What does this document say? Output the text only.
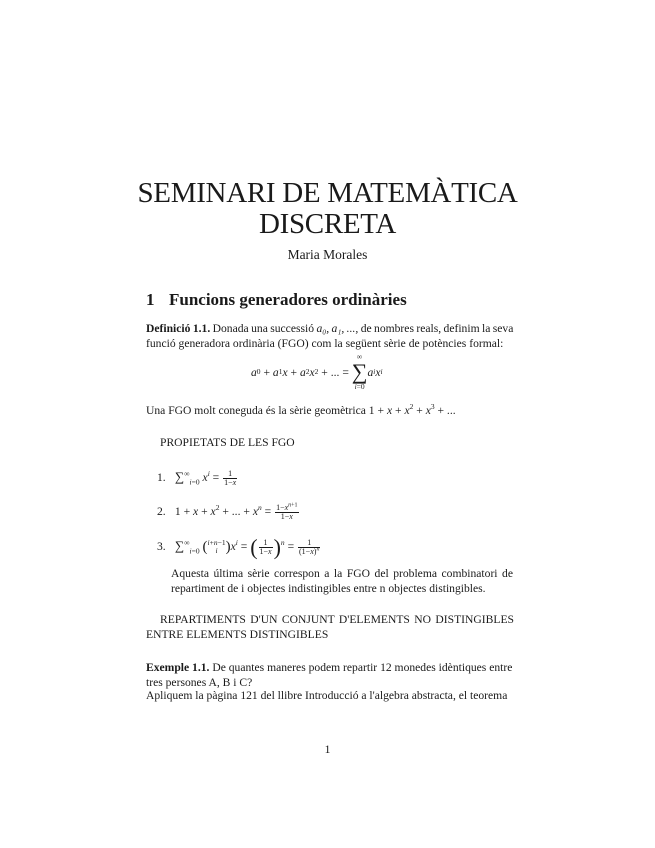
SEMINARI DE MATEMÀTICA
DISCRETA
Maria Morales
1 Funcions generadores ordinàries
Definició 1.1. Donada una successió a₀, a₁, ..., de nombres reals, definim la seva
funció generadora ordinària (FGO) com la següent sèrie de potències formal:
a 0 + a 1 x + a 2 x 2 + ... =
∞
∑
i=0
a i x i
Una FGO molt coneguda és la sèrie geomètrica $1 + x + x^2 + x^3$ + ...
PROPIETATS DE LES FGO
1. $\sum^\infty_{i=0}$ $x^i = \frac{1}{1-x}$
2. $1 + x + x^2$ + ... + $x^n = \frac{1-x^{n+1}}{1-x}$
3. $\sum^\infty_{i=0}$ ( i+n−1
i )$x^i$ = ( $\frac{1}{1-x} )^n = \frac{1}{(1-x)^n}$
Aquesta última sèrie correspon a la FGO del problema combinatori de repartiment de i objectes indistingibles entre n objectes distingibles.
REPARTIMENTS D'UN CONJUNT D'ELEMENTS NO DISTINGIBLES ENTRE ELEMENTS DISTINGIBLES
Exemple 1.1. De quantes maneres podem repartir 12 monedes idèntiques entre tres persones A, B i C?
Apliquem la pàgina 121 del llibre Introducció a l'algebra abstracta, el teorema
1
